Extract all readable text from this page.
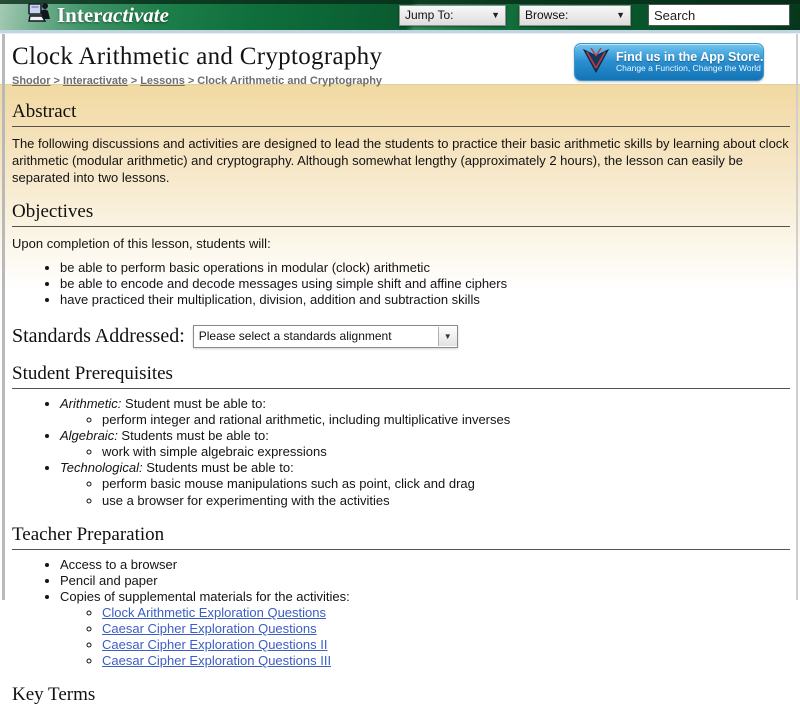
Interactivate	Jump To:	▼ Browse:	▼
Search
Clock Arithmetic and Cryptography
Shodor > Interactivate > Lessons > Clock Arithmetic and Cryptography
Find us in the App Store.
Change a Function, Change the World
Abstract

The following discussions and activities are designed to lead the students to practice their basic arithmetic skills by learning about clock arithmetic (modular arithmetic) and cryptography. Although somewhat lengthy (approximately 2 hours), the lesson can easily be separated into two lessons.

Objectives

Upon completion of this lesson, students will:

• be able to perform basic operations in modular (clock) arithmetic
• be able to encode and decode messages using simple shift and affine ciphers
• have practiced their multiplication, division, addition and subtraction skills
Standards Addressed: Please select a standards alignment	▼
Student Prerequisites
• Arithmetic: Student must be able to:
◦ perform integer and rational arithmetic, including multiplicative inverses
• Algebraic: Students must be able to:
◦ work with simple algebraic expressions
• Technological: Students must be able to:
◦ perform basic mouse manipulations such as point, click and drag
◦ use a browser for experimenting with the activities
Teacher Preparation
• Access to a browser
• Pencil and paper
• Copies of supplemental materials for the activities:
◦ Clock Arithmetic Exploration Questions
◦ Caesar Cipher Exploration Questions
◦ Caesar Cipher Exploration Questions II
◦ Caesar Cipher Exploration Questions III
Key Terms
